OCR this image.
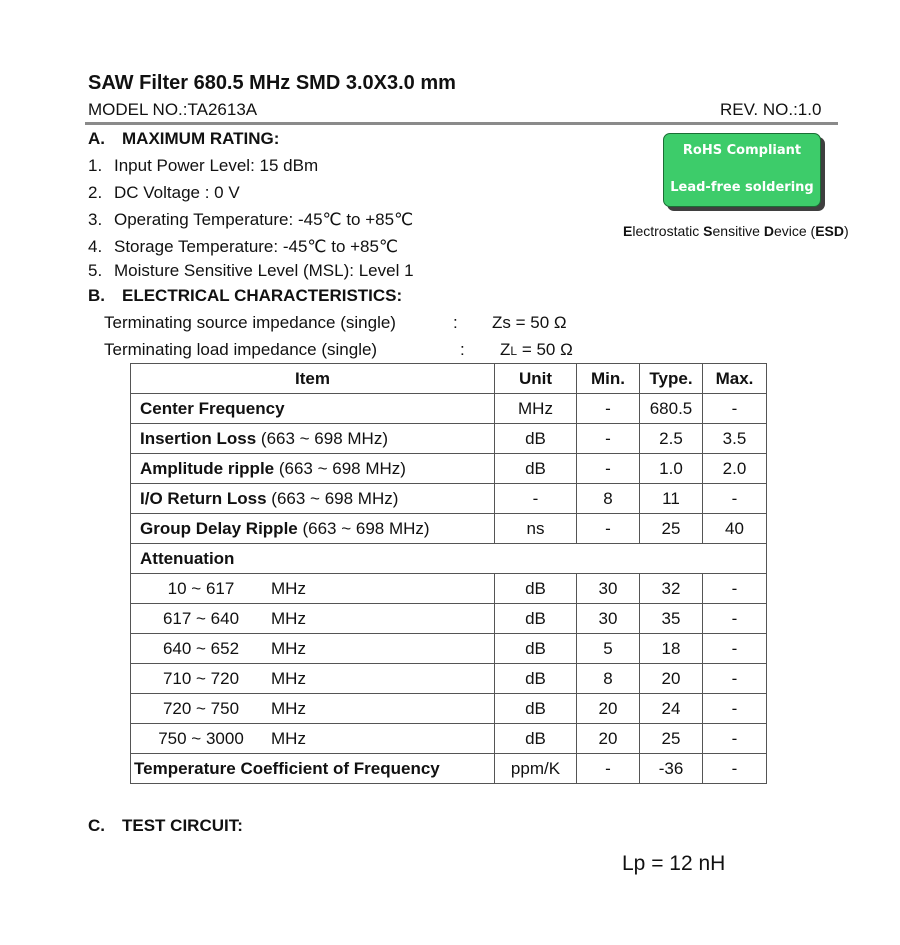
SAW Filter 680.5 MHz SMD 3.0X3.0 mm
MODEL NO.:TA2613A	REV. NO.:1.0
A. MAXIMUM RATING:
1. Input Power Level: 15 dBm
2. DC Voltage : 0 V
3. Operating Temperature: -45℃ to +85℃
4. Storage Temperature: -45℃ to +85℃
5. Moisture Sensitive Level (MSL): Level 1
RoHS Compliant
Lead-free soldering
Electrostatic Sensitive Device (ESD)
B. ELECTRICAL CHARACTERISTICS:
Terminating source impedance (single)	: Zs = 50 Ω
Terminating load impedance (single)	: ZL = 50 Ω
Item	Unit	Min.	Type.	Max.
Center Frequency	MHz	-	680.5	-
Insertion Loss (663 ~ 698 MHz)	dB	-	2.5	3.5
Amplitude ripple (663 ~ 698 MHz)	dB	-	1.0	2.0
I/O Return Loss (663 ~ 698 MHz)	-	8	11	-
Group Delay Ripple (663 ~ 698 MHz)	ns	-	25	40
Attenuation				
10 ~ 617 MHz	dB	30	32	-
617 ~ 640 MHz	dB	30	35	-
640 ~ 652 MHz	dB	5	18	-
710 ~ 720 MHz	dB	8	20	-
720 ~ 750 MHz	dB	20	24	-
750 ~ 3000 MHz	dB	20	25	-
Temperature Coefficient of Frequency	ppm/K	-	-36	-
C. TEST CIRCUIT:
Lp = 12 nH
